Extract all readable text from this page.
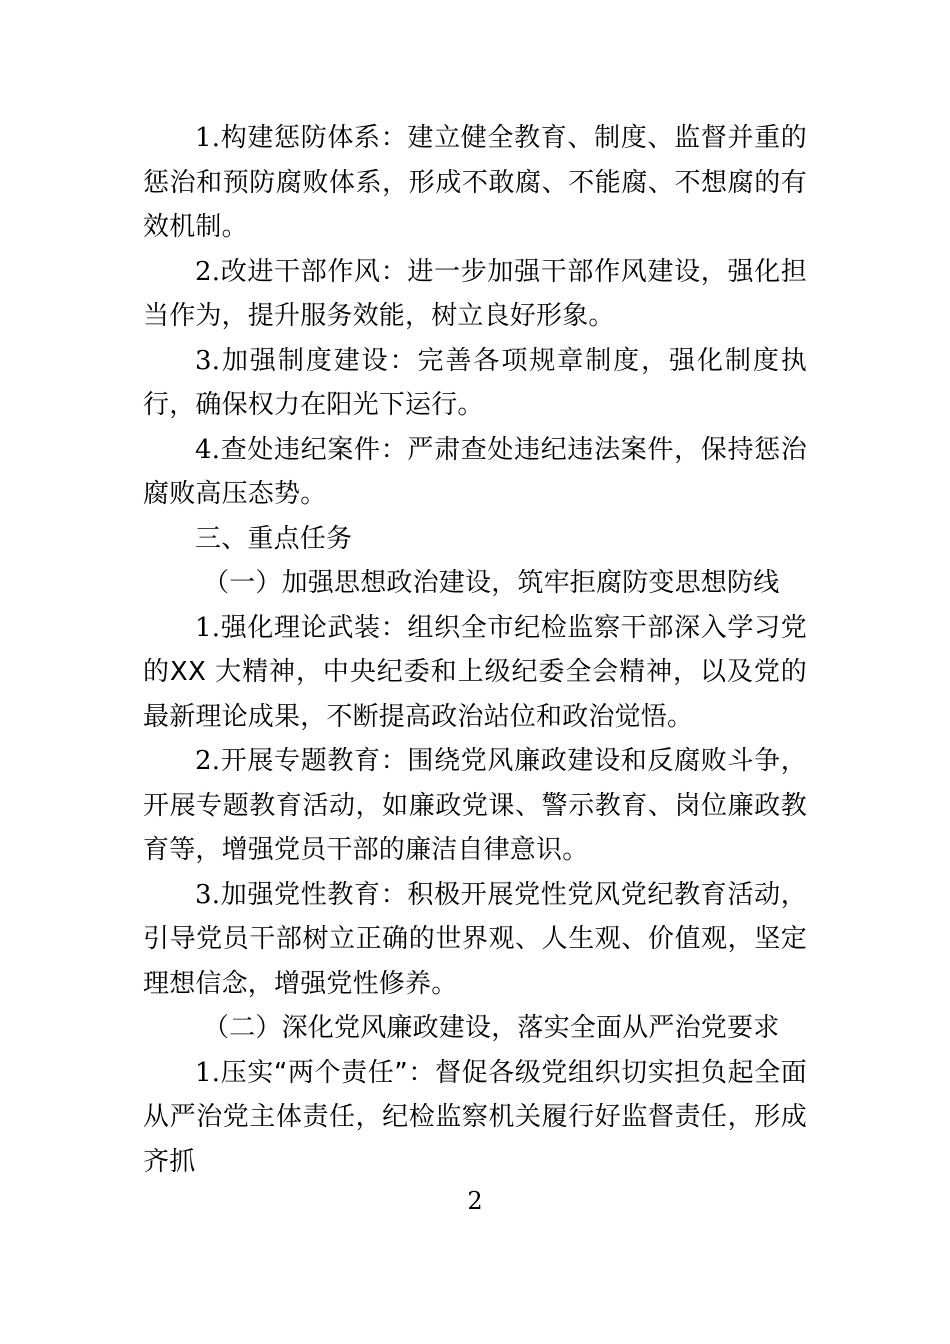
1.构建惩防体系：建立健全教育、制度、监督并重的惩治和预防腐败体系，形成不敢腐、不能腐、不想腐的有效机制。

2.改进干部作风：进一步加强干部作风建设，强化担当作为，提升服务效能，树立良好形象。

3.加强制度建设：完善各项规章制度，强化制度执行，确保权力在阳光下运行。

4.查处违纪案件：严肃查处违纪违法案件，保持惩治腐败高压态势。

三、重点任务

（一）加强思想政治建设，筑牢拒腐防变思想防线

1.强化理论武装：组织全市纪检监察干部深入学习党的XX 大精神，中央纪委和上级纪委全会精神，以及党的最新理论成果，不断提高政治站位和政治觉悟。

2.开展专题教育：围绕党风廉政建设和反腐败斗争，开展专题教育活动，如廉政党课、警示教育、岗位廉政教育等，增强党员干部的廉洁自律意识。

3.加强党性教育：积极开展党性党风党纪教育活动，引导党员干部树立正确的世界观、人生观、价值观，坚定理想信念，增强党性修养。

（二）深化党风廉政建设，落实全面从严治党要求

1.压实“两个责任”：督促各级党组织切实担负起全面从严治党主体责任，纪检监察机关履行好监督责任，形成齐抓

2
